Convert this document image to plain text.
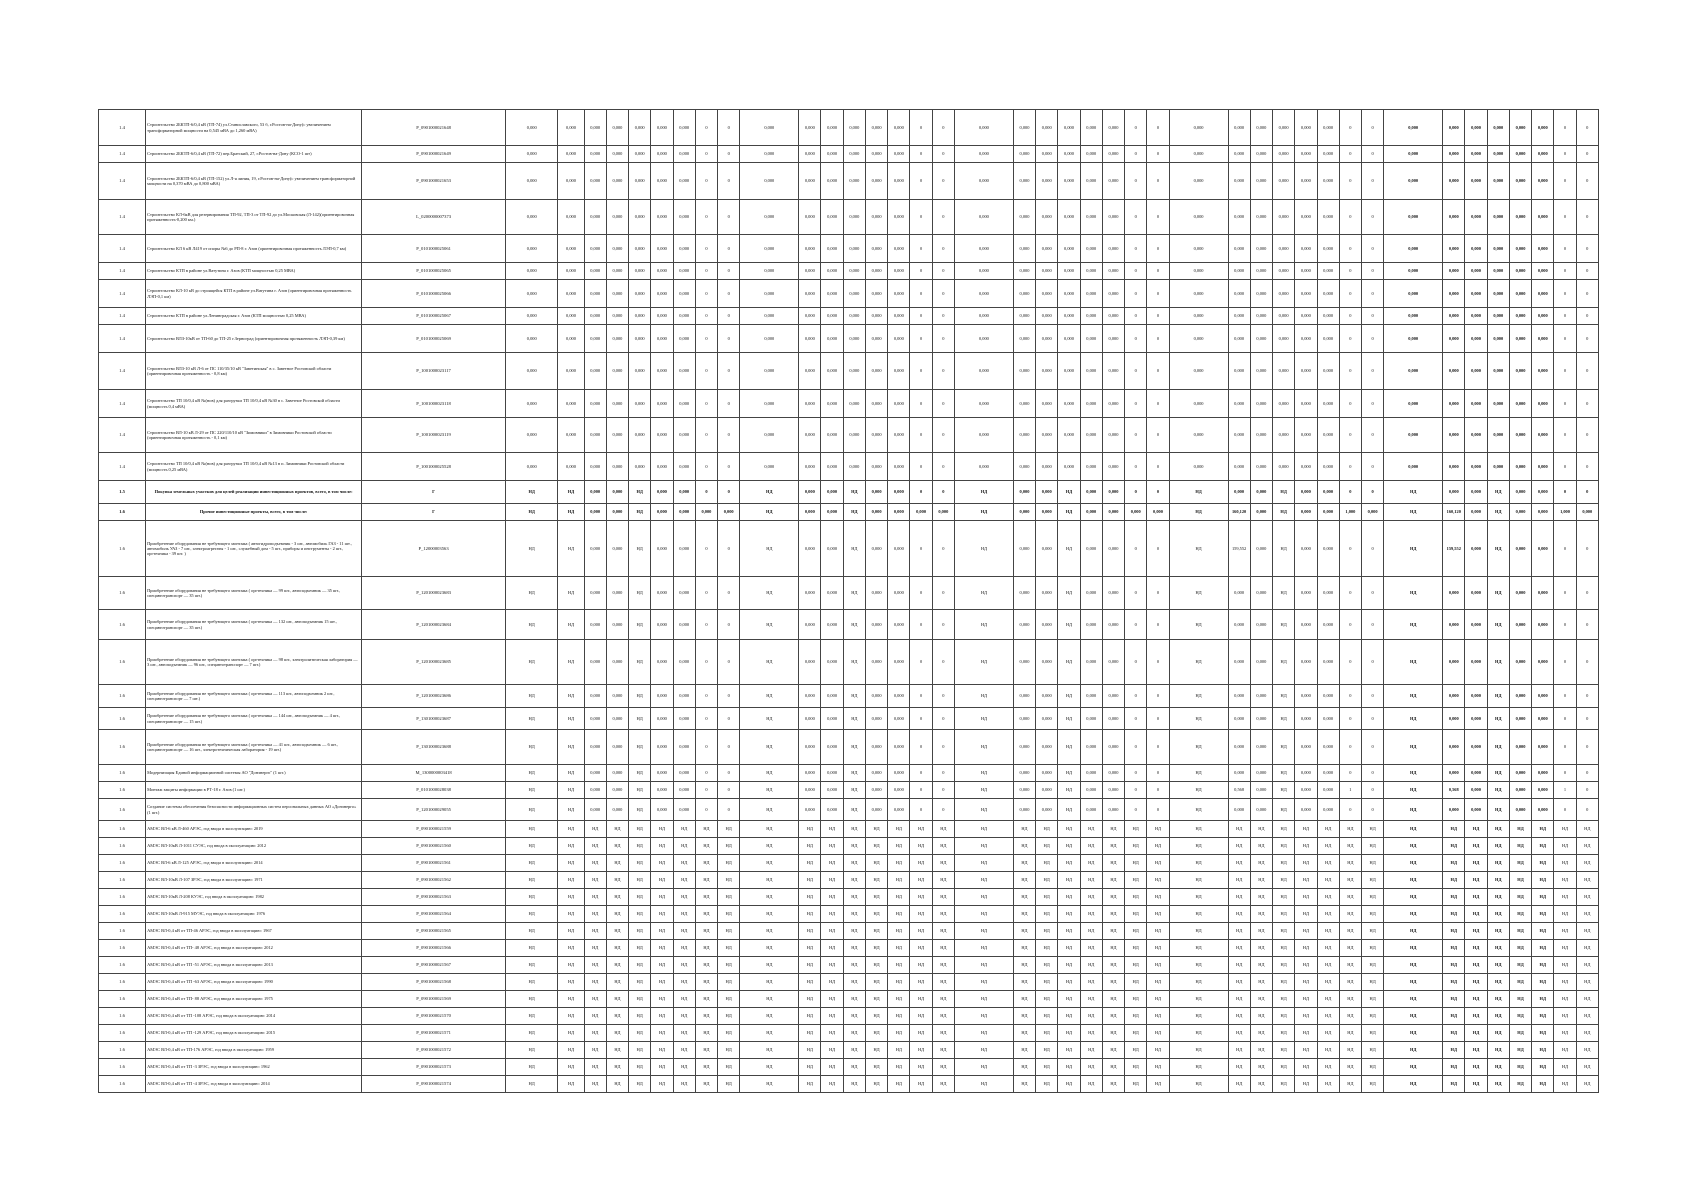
1.4	Строительство 2БКТП-6/0,4 кВ (ТП-74) ул.Станиславского, 53 б, г.Ростов-на-Дону(с увеличением трансформаторной мощности на 0,545 мВА до 1,260 мВА)	P_0901000021648	0,000	0,000	0,000	0,000	0,000	0,000	0,000	0	0	0,000	0,000	0,000	0,000	0,000	0,000	0	0	0,000	0,000	0,000	0,000	0,000	0,000	0	0	0,000	0,000	0,000	0,000	0,000	0,000	0	0	0,000	0,000	0,000	0,000	0,000	0,000	0	0
1.4	Строительство 2БКТП-6/0,4 кВ (ТП-72) пер.Братский, 27, г.Ростов-на-Дону (КСО-1 шт)	P_0901000021649	0,000	0,000	0,000	0,000	0,000	0,000	0,000	0	0	0,000	0,000	0,000	0,000	0,000	0,000	0	0	0,000	0,000	0,000	0,000	0,000	0,000	0	0	0,000	0,000	0,000	0,000	0,000	0,000	0	0	0,000	0,000	0,000	0,000	0,000	0,000	0	0
1.4	Строительство 2БКТП-6/0,4 кВ (ТП-152) ул.Л-я линия, 19, г.Ростов-на-Дону(с увеличением трансформаторной мощности на 0,370 мВА до 0,800 мВА)	P_0901000021653	0,000	0,000	0,000	0,000	0,000	0,000	0,000	0	0	0,000	0,000	0,000	0,000	0,000	0,000	0	0	0,000	0,000	0,000	0,000	0,000	0,000	0	0	0,000	0,000	0,000	0,000	0,000	0,000	0	0	0,000	0,000	0,000	0,000	0,000	0,000	0	0
1.4	Строительство КЛ-6кВ для резервирования ТП-92, ТП-3 от ТП-92 до ул.Московская (Л-142)(ориентировочная протяженность-0,200 км.)	L_0200000007373	0,000	0,000	0,000	0,000	0,000	0,000	0,000	0	0	0,000	0,000	0,000	0,000	0,000	0,000	0	0	0,000	0,000	0,000	0,000	0,000	0,000	0	0	0,000	0,000	0,000	0,000	0,000	0,000	0	0	0,000	0,000	0,000	0,000	0,000	0,000	0	0
1.4	Строительство КЛ 6 кВ Л419 от опоры №6 до РП-8 г. Азов (ориентировочная протяженность ЛЭП-0,7 км)	P_0101000025061	0,000	0,000	0,000	0,000	0,000	0,000	0,000	0	0	0,000	0,000	0,000	0,000	0,000	0,000	0	0	0,000	0,000	0,000	0,000	0,000	0,000	0	0	0,000	0,000	0,000	0,000	0,000	0,000	0	0	0,000	0,000	0,000	0,000	0,000	0,000	0	0
1.4	Строительство КТП в районе ул.Ватутина г. Азов (КТП мощностью 0,25 МВА)	P_0101000025065	0,000	0,000	0,000	0,000	0,000	0,000	0,000	0	0	0,000	0,000	0,000	0,000	0,000	0,000	0	0	0,000	0,000	0,000	0,000	0,000	0,000	0	0	0,000	0,000	0,000	0,000	0,000	0,000	0	0	0,000	0,000	0,000	0,000	0,000	0,000	0	0
1.4	Строительство КЛ-10 кВ до строящейся КТП в районе ул.Ватутина г. Азов (ориентировочная протяженность ЛЭП-0,1 км)	P_0101000025066	0,000	0,000	0,000	0,000	0,000	0,000	0,000	0	0	0,000	0,000	0,000	0,000	0,000	0,000	0	0	0,000	0,000	0,000	0,000	0,000	0,000	0	0	0,000	0,000	0,000	0,000	0,000	0,000	0	0	0,000	0,000	0,000	0,000	0,000	0,000	0	0
1.4	Строительство КТП в районе ул.Ленинградская г. Азов (КТП мощностью 0,25 МВА)	P_0101000025067	0,000	0,000	0,000	0,000	0,000	0,000	0,000	0	0	0,000	0,000	0,000	0,000	0,000	0,000	0	0	0,000	0,000	0,000	0,000	0,000	0,000	0	0	0,000	0,000	0,000	0,000	0,000	0,000	0	0	0,000	0,000	0,000	0,000	0,000	0,000	0	0
1.4	Строительство ВЛЗ-10кВ от ТП-60 до ТП-25 г.Зерноград (ориентировочная протяженность ЛЭП-0,39 км)	P_0101000025069	0,000	0,000	0,000	0,000	0,000	0,000	0,000	0	0	0,000	0,000	0,000	0,000	0,000	0,000	0	0	0,000	0,000	0,000	0,000	0,000	0,000	0	0	0,000	0,000	0,000	0,000	0,000	0,000	0	0	0,000	0,000	0,000	0,000	0,000	0,000	0	0
1.4	Строительство ВЛ3-10 кВ Л-6 от ПС 110/35/10 кВ "Заветинская" в с. Заветное Ростовской области (ориентировочная протяженность - 0,8 км)	P_1001000023117	0,000	0,000	0,000	0,000	0,000	0,000	0,000	0	0	0,000	0,000	0,000	0,000	0,000	0,000	0	0	0,000	0,000	0,000	0,000	0,000	0,000	0	0	0,000	0,000	0,000	0,000	0,000	0,000	0	0	0,000	0,000	0,000	0,000	0,000	0,000	0	0
1.4	Строительство ТП 10/0,4 кВ №(нов) для разгрузки ТП 10/0,4 кВ №30 в с. Заветное Ростовской области (мощность 0,4 мВА)	P_1001000023118	0,000	0,000	0,000	0,000	0,000	0,000	0,000	0	0	0,000	0,000	0,000	0,000	0,000	0,000	0	0	0,000	0,000	0,000	0,000	0,000	0,000	0	0	0,000	0,000	0,000	0,000	0,000	0,000	0	0	0,000	0,000	0,000	0,000	0,000	0,000	0	0
1.4	Строительство ВЛ-10 кВ Л-29 от ПС 220/110/10 кВ "Зимовники" в Зимовники Ростовской области (ориентировочная протяженность - 0,1 км)	P_1001000023119	0,000	0,000	0,000	0,000	0,000	0,000	0,000	0	0	0,000	0,000	0,000	0,000	0,000	0,000	0	0	0,000	0,000	0,000	0,000	0,000	0,000	0	0	0,000	0,000	0,000	0,000	0,000	0,000	0	0	0,000	0,000	0,000	0,000	0,000	0,000	0	0
1.4	Строительство ТП 10/0,4 кВ №(нов) для разгрузки ТП 10/0,4 кВ №13 в п. Зимовники Ростовской области (мощность 0,25 мВА)	P_1001000025528	0,000	0,000	0,000	0,000	0,000	0,000	0,000	0	0	0,000	0,000	0,000	0,000	0,000	0,000	0	0	0,000	0,000	0,000	0,000	0,000	0,000	0	0	0,000	0,000	0,000	0,000	0,000	0,000	0	0	0,000	0,000	0,000	0,000	0,000	0,000	0	0
1.5	Покупка земельных участков для целей реализации инвестиционных проектов, всего, в том числе:	Г	НД	НД	0,000	0,000	НД	0,000	0,000	0	0	НД	0,000	0,000	НД	0,000	0,000	0	0	НД	0,000	0,000	НД	0,000	0,000	0	0	НД	0,000	0,000	НД	0,000	0,000	0	0	НД	0,000	0,000	НД	0,000	0,000	0	0
1.6	Прочие инвестиционные проекты, всего, в том числе:	Г	НД	НД	0,000	0,000	НД	0,000	0,000	0,000	0,000	НД	0,000	0,000	НД	0,000	0,000	0,000	0,000	НД	0,000	0,000	НД	0,000	0,000	0,000	0,000	НД	160,120	0,000	НД	0,000	0,000	1,000	0,000	НД	160,120	0,000	НД	0,000	0,000	1,000	0,000
1.6	Приобретение оборудования не требующего монтажа ( автогидроподъемник - 3 шт., автомобиль ГАЗ - 11 шт., автомобиль УАЗ - 7 шт., электроагрегаты - 1 шт., служебный дом - 5 шт., приборы и инструменты - 2 шт., оргтехника - 39 шт. )	P_12000003563	НД	НД	0,000	0,000	НД	0,000	0,000	0	0	НД	0,000	0,000	НД	0,000	0,000	0	0	НД	0,000	0,000	НД	0,000	0,000	0	0	НД	159,552	0,000	НД	0,000	0,000	0	0	НД	159,552	0,000	НД	0,000	0,000	0	0
1.6	Приобретение оборудования не требующего монтажа ( оргтехника — 99 шт., автоподъемник — 35 шт., спецавтотранспорт — 35 шт.)	P_1201000023683	НД	НД	0,000	0,000	НД	0,000	0,000	0	0	НД	0,000	0,000	НД	0,000	0,000	0	0	НД	0,000	0,000	НД	0,000	0,000	0	0	НД	0,000	0,000	НД	0,000	0,000	0	0	НД	0,000	0,000	НД	0,000	0,000	0	0
1.6	Приобретение оборудования не требующего монтажа ( оргтехника — 132 шт., автоподъемник 15 шт., спецавтотранспорт — 35 шт.)	P_1201000023684	НД	НД	0,000	0,000	НД	0,000	0,000	0	0	НД	0,000	0,000	НД	0,000	0,000	0	0	НД	0,000	0,000	НД	0,000	0,000	0	0	НД	0,000	0,000	НД	0,000	0,000	0	0	НД	0,000	0,000	НД	0,000	0,000	0	0
1.6	Приобретение оборудования не требующего монтажа ( оргтехника — 98 шт., электролитическая лаборатория — 3 шт., автоподъемник — 96 шт., спецавтотранспорт — 7 шт.)	P_1201000023685	НД	НД	0,000	0,000	НД	0,000	0,000	0	0	НД	0,000	0,000	НД	0,000	0,000	0	0	НД	0,000	0,000	НД	0,000	0,000	0	0	НД	0,000	0,000	НД	0,000	0,000	0	0	НД	0,000	0,000	НД	0,000	0,000	0	0
1.6	Приобретение оборудования не требующего монтажа ( оргтехника — 113 шт., автоподъемник 2 шт., спецавтотранспорт — 7 шт.)	P_1201000023686	НД	НД	0,000	0,000	НД	0,000	0,000	0	0	НД	0,000	0,000	НД	0,000	0,000	0	0	НД	0,000	0,000	НД	0,000	0,000	0	0	НД	0,000	0,000	НД	0,000	0,000	0	0	НД	0,000	0,000	НД	0,000	0,000	0	0
1.6	Приобретение оборудования не требующего монтажа ( оргтехника — 144 шт., автоподъемник — 4 шт., спецавтотранспорт — 15 шт.)	P_1301000023687	НД	НД	0,000	0,000	НД	0,000	0,000	0	0	НД	0,000	0,000	НД	0,000	0,000	0	0	НД	0,000	0,000	НД	0,000	0,000	0	0	НД	0,000	0,000	НД	0,000	0,000	0	0	НД	0,000	0,000	НД	0,000	0,000	0	0
1.6	Приобретение оборудования не требующего монтажа ( оргтехника — 41 шт., автоподъемник — 6 шт., спецавтотранспорт — 16 шт., электротехническая лаборатория - 19 шт.)	P_1301000023688	НД	НД	0,000	0,000	НД	0,000	0,000	0	0	НД	0,000	0,000	НД	0,000	0,000	0	0	НД	0,000	0,000	НД	0,000	0,000	0	0	НД	0,000	0,000	НД	0,000	0,000	0	0	НД	0,000	0,000	НД	0,000	0,000	0	0
1.6	Модернизация Единой информационной системы АО "Донэнерго" (1 шт.)	M_1300000003418	НД	НД	0,000	0,000	НД	0,000	0,000	0	0	НД	0,000	0,000	НД	0,000	0,000	0	0	НД	0,000	0,000	НД	0,000	0,000	0	0	НД	0,000	0,000	НД	0,000	0,000	0	0	НД	0,000	0,000	НД	0,000	0,000	0	0
1.6	Монтаж защиты информации в РТ-18 г. Азов (1 шт.)	P_0101000028038	НД	НД	0,000	0,000	НД	0,000	0,000	0	0	НД	0,000	0,000	НД	0,000	0,000	0	0	НД	0,000	0,000	НД	0,000	0,000	0	0	НД	0,568	0,000	НД	0,000	0,000	1	0	НД	0,568	0,000	НД	0,000	0,000	1	0
1.6	Создание системы обеспечения безопасности информационных систем персональных данных АО «Донэнерго» (1 шт.)	P_1201000029055	НД	НД	0,000	0,000	НД	0,000	0,000	0	0	НД	0,000	0,000	НД	0,000	0,000	0	0	НД	0,000	0,000	НД	0,000	0,000	0	0	НД	0,000	0,000	НД	0,000	0,000	0	0	НД	0,000	0,000	НД	0,000	0,000	0	0
1.6	АМЭС ВЛ-6 кВ Л-460 АРЭС, год ввода в эксплуатацию: 2019	P_0901000021559	НД	НД	НД	НД	НД	НД	НД	НД	НД	НД	НД	НД	НД	НД	НД	НД	НД	НД	НД	НД	НД	НД	НД	НД	НД	НД	НД	НД	НД	НД	НД	НД	НД	НД	НД	НД	НД	НД	НД	НД	НД
1.6	АМЭС ВЛ-10кВ Л-1011 СУЭС, год ввода в эксплуатацию: 2012	P_0901000021560	НД	НД	НД	НД	НД	НД	НД	НД	НД	НД	НД	НД	НД	НД	НД	НД	НД	НД	НД	НД	НД	НД	НД	НД	НД	НД	НД	НД	НД	НД	НД	НД	НД	НД	НД	НД	НД	НД	НД	НД	НД
1.6	АМЭС ВЛ-6 кВ Л-125 АРЭС, год ввода в эксплуатацию: 2014	P_0901000021561	НД	НД	НД	НД	НД	НД	НД	НД	НД	НД	НД	НД	НД	НД	НД	НД	НД	НД	НД	НД	НД	НД	НД	НД	НД	НД	НД	НД	НД	НД	НД	НД	НД	НД	НД	НД	НД	НД	НД	НД	НД
1.6	АМЭС ВЛ-10кВ Л-107 ЗРЭС, год ввода в эксплуатацию: 1971	P_0901000021562	НД	НД	НД	НД	НД	НД	НД	НД	НД	НД	НД	НД	НД	НД	НД	НД	НД	НД	НД	НД	НД	НД	НД	НД	НД	НД	НД	НД	НД	НД	НД	НД	НД	НД	НД	НД	НД	НД	НД	НД	НД
1.6	АМЭС ВЛ-10кВ Л-208 КУЭС, год ввода в эксплуатацию: 1982	P_0901000021563	НД	НД	НД	НД	НД	НД	НД	НД	НД	НД	НД	НД	НД	НД	НД	НД	НД	НД	НД	НД	НД	НД	НД	НД	НД	НД	НД	НД	НД	НД	НД	НД	НД	НД	НД	НД	НД	НД	НД	НД	НД
1.6	АМЭС ВЛ-10кВ Л-915 МУЭС, год ввода в эксплуатацию: 1976	P_0901000021564	НД	НД	НД	НД	НД	НД	НД	НД	НД	НД	НД	НД	НД	НД	НД	НД	НД	НД	НД	НД	НД	НД	НД	НД	НД	НД	НД	НД	НД	НД	НД	НД	НД	НД	НД	НД	НД	НД	НД	НД	НД
1.6	АМЭС ВЛ-0,4 кВ от ТП-46 АРЭС, год ввода в эксплуатацию: 1967	P_0901000021565	НД	НД	НД	НД	НД	НД	НД	НД	НД	НД	НД	НД	НД	НД	НД	НД	НД	НД	НД	НД	НД	НД	НД	НД	НД	НД	НД	НД	НД	НД	НД	НД	НД	НД	НД	НД	НД	НД	НД	НД	НД
1.6	АМЭС ВЛ-0,4 кВ от ТП- 48 АРЭС, год ввода в эксплуатацию: 2012	P_0901000021566	НД	НД	НД	НД	НД	НД	НД	НД	НД	НД	НД	НД	НД	НД	НД	НД	НД	НД	НД	НД	НД	НД	НД	НД	НД	НД	НД	НД	НД	НД	НД	НД	НД	НД	НД	НД	НД	НД	НД	НД	НД
1.6	АМЭС ВЛ-0,4 кВ от ТП -51 АРЭС, год ввода в эксплуатацию: 2013	P_0901000021567	НД	НД	НД	НД	НД	НД	НД	НД	НД	НД	НД	НД	НД	НД	НД	НД	НД	НД	НД	НД	НД	НД	НД	НД	НД	НД	НД	НД	НД	НД	НД	НД	НД	НД	НД	НД	НД	НД	НД	НД	НД
1.6	АМЭС ВЛ-0,4 кВ от ТП -63 АРЭС, год ввода в эксплуатацию: 1990	P_0901000021568	НД	НД	НД	НД	НД	НД	НД	НД	НД	НД	НД	НД	НД	НД	НД	НД	НД	НД	НД	НД	НД	НД	НД	НД	НД	НД	НД	НД	НД	НД	НД	НД	НД	НД	НД	НД	НД	НД	НД	НД	НД
1.6	АМЭС ВЛ-0,4 кВ от ТП- 88 АРЭС, год ввода в эксплуатацию: 1975	P_0901000021569	НД	НД	НД	НД	НД	НД	НД	НД	НД	НД	НД	НД	НД	НД	НД	НД	НД	НД	НД	НД	НД	НД	НД	НД	НД	НД	НД	НД	НД	НД	НД	НД	НД	НД	НД	НД	НД	НД	НД	НД	НД
1.6	АМЭС ВЛ-0,4 кВ от ТП -108 АРЭС, год ввода в эксплуатацию: 2014	P_0901000021570	НД	НД	НД	НД	НД	НД	НД	НД	НД	НД	НД	НД	НД	НД	НД	НД	НД	НД	НД	НД	НД	НД	НД	НД	НД	НД	НД	НД	НД	НД	НД	НД	НД	НД	НД	НД	НД	НД	НД	НД	НД
1.6	АМЭС ВЛ-0,4 кВ от ТП -129 АРЭС, год ввода в эксплуатацию: 2015	P_0901000021571	НД	НД	НД	НД	НД	НД	НД	НД	НД	НД	НД	НД	НД	НД	НД	НД	НД	НД	НД	НД	НД	НД	НД	НД	НД	НД	НД	НД	НД	НД	НД	НД	НД	НД	НД	НД	НД	НД	НД	НД	НД
1.6	АМЭС ВЛ-0,4 кВ от ТП-176 АРЭС, год ввода в эксплуатацию: 1959	P_0901000021572	НД	НД	НД	НД	НД	НД	НД	НД	НД	НД	НД	НД	НД	НД	НД	НД	НД	НД	НД	НД	НД	НД	НД	НД	НД	НД	НД	НД	НД	НД	НД	НД	НД	НД	НД	НД	НД	НД	НД	НД	НД
1.6	АМЭС ВЛ-0,4 кВ от ТП -3 ЗРЭС, год ввода в эксплуатацию: 1962	P_0901000021573	НД	НД	НД	НД	НД	НД	НД	НД	НД	НД	НД	НД	НД	НД	НД	НД	НД	НД	НД	НД	НД	НД	НД	НД	НД	НД	НД	НД	НД	НД	НД	НД	НД	НД	НД	НД	НД	НД	НД	НД	НД
1.6	АМЭС ВЛ-0,4 кВ от ТП -4 ЗРЭС, год ввода в эксплуатацию: 2014	P_0901000021574	НД	НД	НД	НД	НД	НД	НД	НД	НД	НД	НД	НД	НД	НД	НД	НД	НД	НД	НД	НД	НД	НД	НД	НД	НД	НД	НД	НД	НД	НД	НД	НД	НД	НД	НД	НД	НД	НД	НД	НД	НД
